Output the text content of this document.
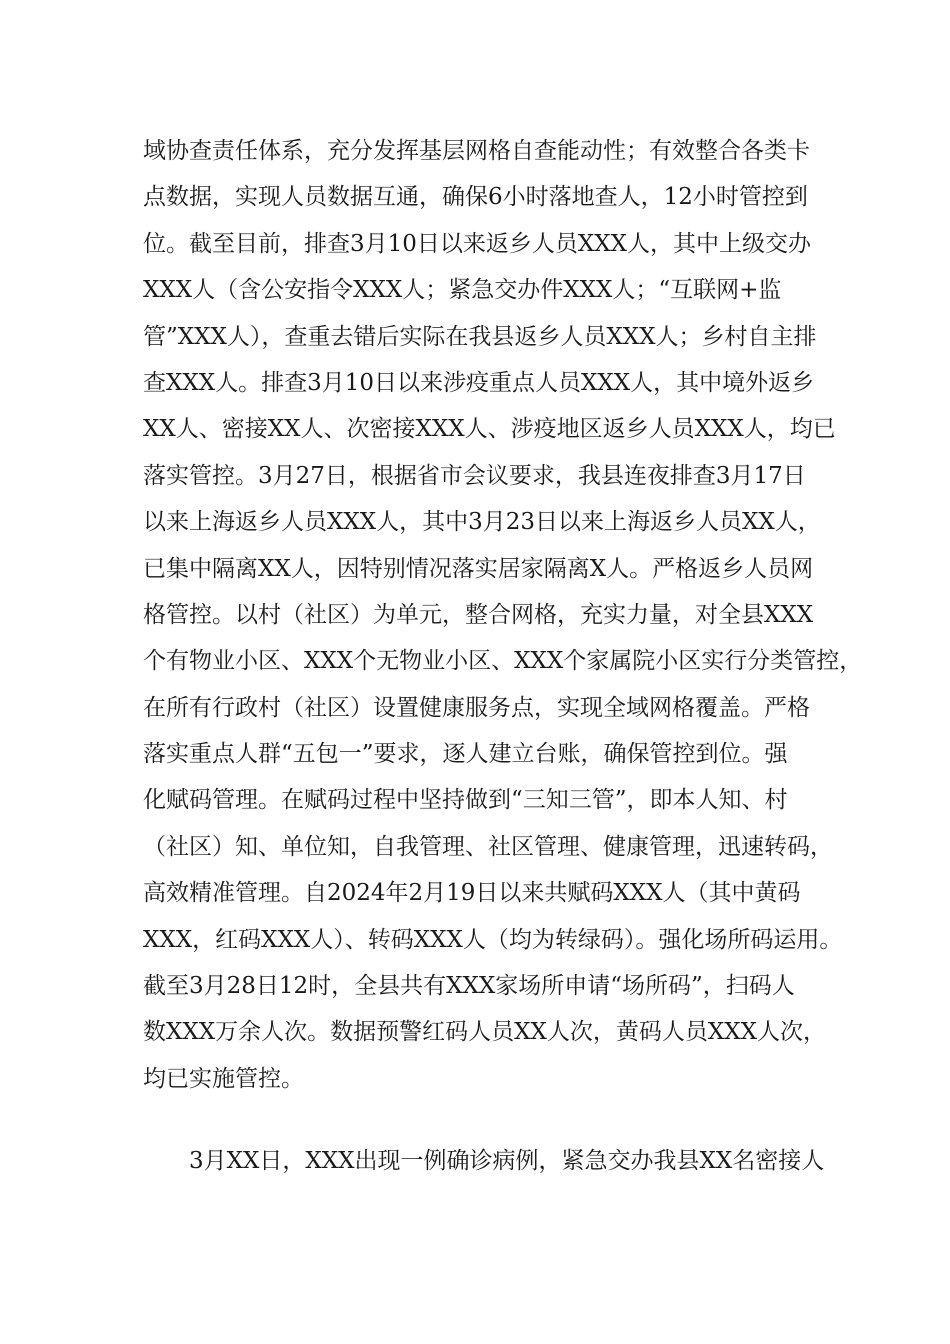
域协查责任体系，充分发挥基层网格自查能动性；有效整合各类卡
点数据，实现人员数据互通，确保6小时落地查人，12小时管控到
位。截至目前，排查3月10日以来返乡人员XXX人，其中上级交办
XXX人（含公安指令XXX人；紧急交办件XXX人；“互联网+监
管”XXX人），查重去错后实际在我县返乡人员XXX人；乡村自主排
查XXX人。排查3月10日以来涉疫重点人员XXX人，其中境外返乡
XX人、密接XX人、次密接XXX人、涉疫地区返乡人员XXX人，均已
落实管控。3月27日，根据省市会议要求，我县连夜排查3月17日
以来上海返乡人员XXX人，其中3月23日以来上海返乡人员XX人，
已集中隔离XX人，因特别情况落实居家隔离X人。严格返乡人员网
格管控。以村（社区）为单元，整合网格，充实力量，对全县XXX
个有物业小区、XXX个无物业小区、XXX个家属院小区实行分类管控，
在所有行政村（社区）设置健康服务点，实现全域网格覆盖。严格
落实重点人群“五包一”要求，逐人建立台账，确保管控到位。强
化赋码管理。在赋码过程中坚持做到“三知三管”，即本人知、村
（社区）知、单位知，自我管理、社区管理、健康管理，迅速转码，
高效精准管理。自2024年2月19日以来共赋码XXX人（其中黄码
XXX，红码XXX人）、转码XXX人（均为转绿码）。强化场所码运用。
截至3月28日12时，全县共有XXX家场所申请“场所码”，扫码人
数XXX万余人次。数据预警红码人员XX人次，黄码人员XXX人次，
均已实施管控。
　　3月XX日，XXX出现一例确诊病例，紧急交办我县XX名密接人
